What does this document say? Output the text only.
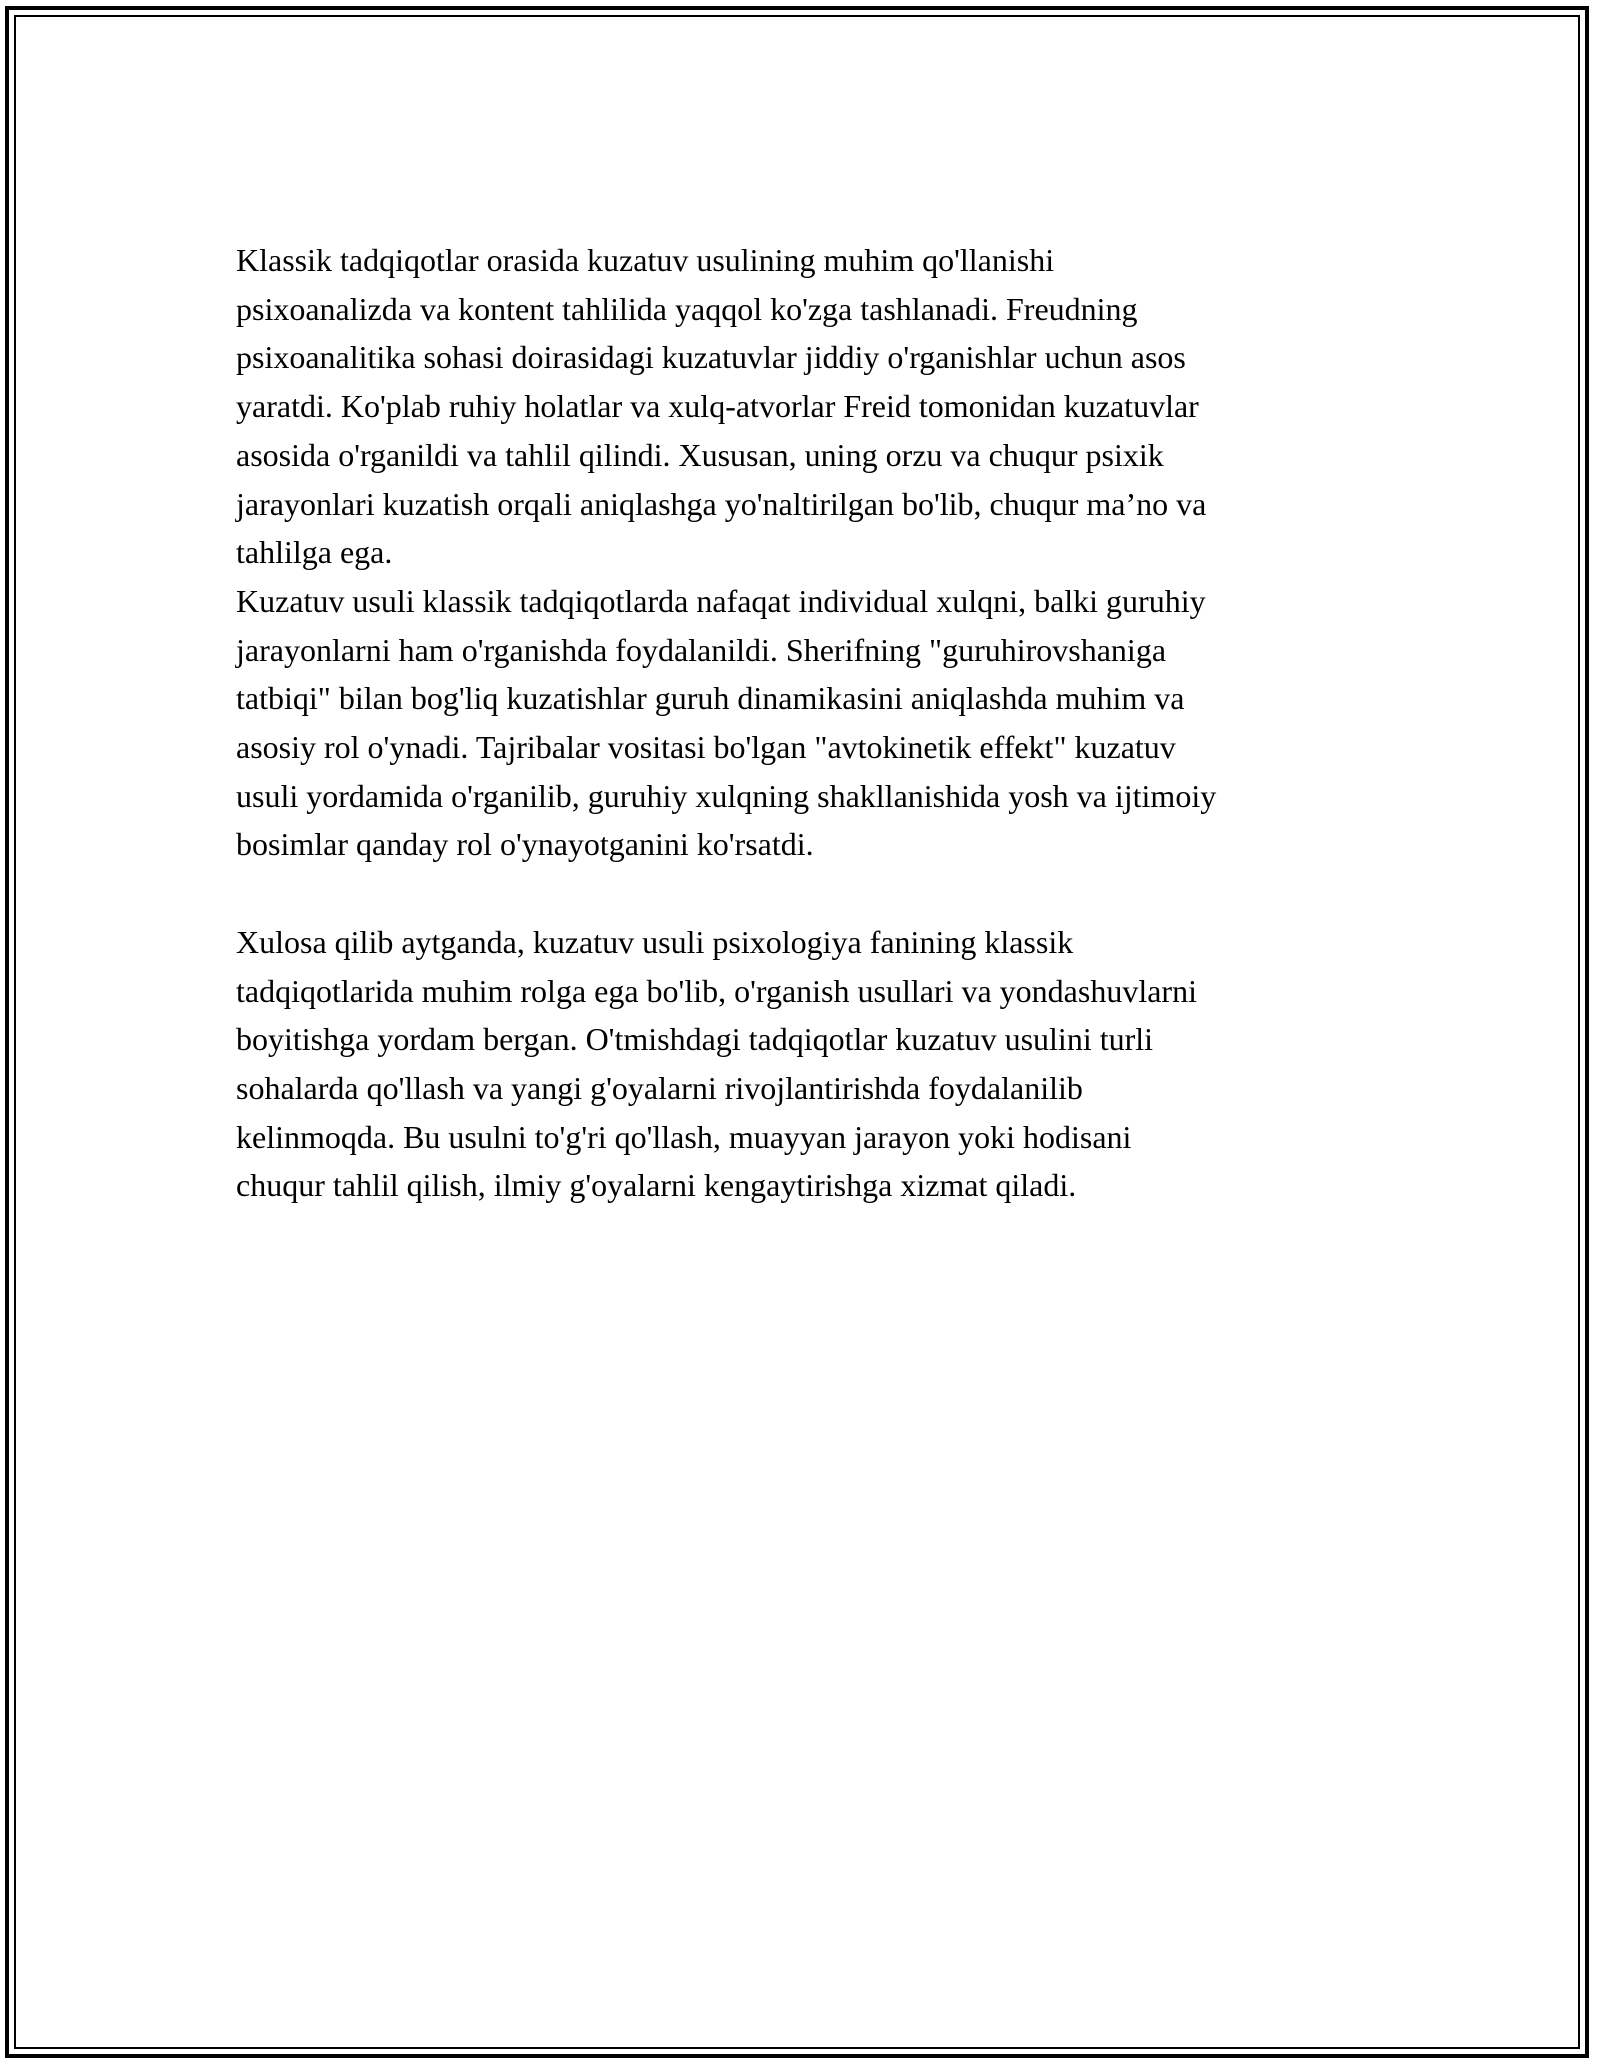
Klassik tadqiqotlar orasida kuzatuv usulining muhim qo'llanishi
psixoanalizda va kontent tahlilida yaqqol ko'zga tashlanadi. Freudning
psixoanalitika sohasi doirasidagi kuzatuvlar jiddiy o'rganishlar uchun asos
yaratdi. Ko'plab ruhiy holatlar va xulq-atvorlar Freid tomonidan kuzatuvlar
asosida o'rganildi va tahlil qilindi. Xususan, uning orzu va chuqur psixik
jarayonlari kuzatish orqali aniqlashga yo'naltirilgan bo'lib, chuqur ma’no va
tahlilga ega.

Kuzatuv usuli klassik tadqiqotlarda nafaqat individual xulqni, balki guruhiy
jarayonlarni ham o'rganishda foydalanildi. Sherifning "guruhirovshaniga
tatbiqi" bilan bog'liq kuzatishlar guruh dinamikasini aniqlashda muhim va
asosiy rol o'ynadi. Tajribalar vositasi bo'lgan "avtokinetik effekt" kuzatuv
usuli yordamida o'rganilib, guruhiy xulqning shakllanishida yosh va ijtimoiy
bosimlar qanday rol o'ynayotganini ko'rsatdi.

Xulosa qilib aytganda, kuzatuv usuli psixologiya fanining klassik
tadqiqotlarida muhim rolga ega bo'lib, o'rganish usullari va yondashuvlarni
boyitishga yordam bergan. O'tmishdagi tadqiqotlar kuzatuv usulini turli
sohalarda qo'llash va yangi g'oyalarni rivojlantirishda foydalanilib
kelinmoqda. Bu usulni to'g'ri qo'llash, muayyan jarayon yoki hodisani
chuqur tahlil qilish, ilmiy g'oyalarni kengaytirishga xizmat qiladi.
